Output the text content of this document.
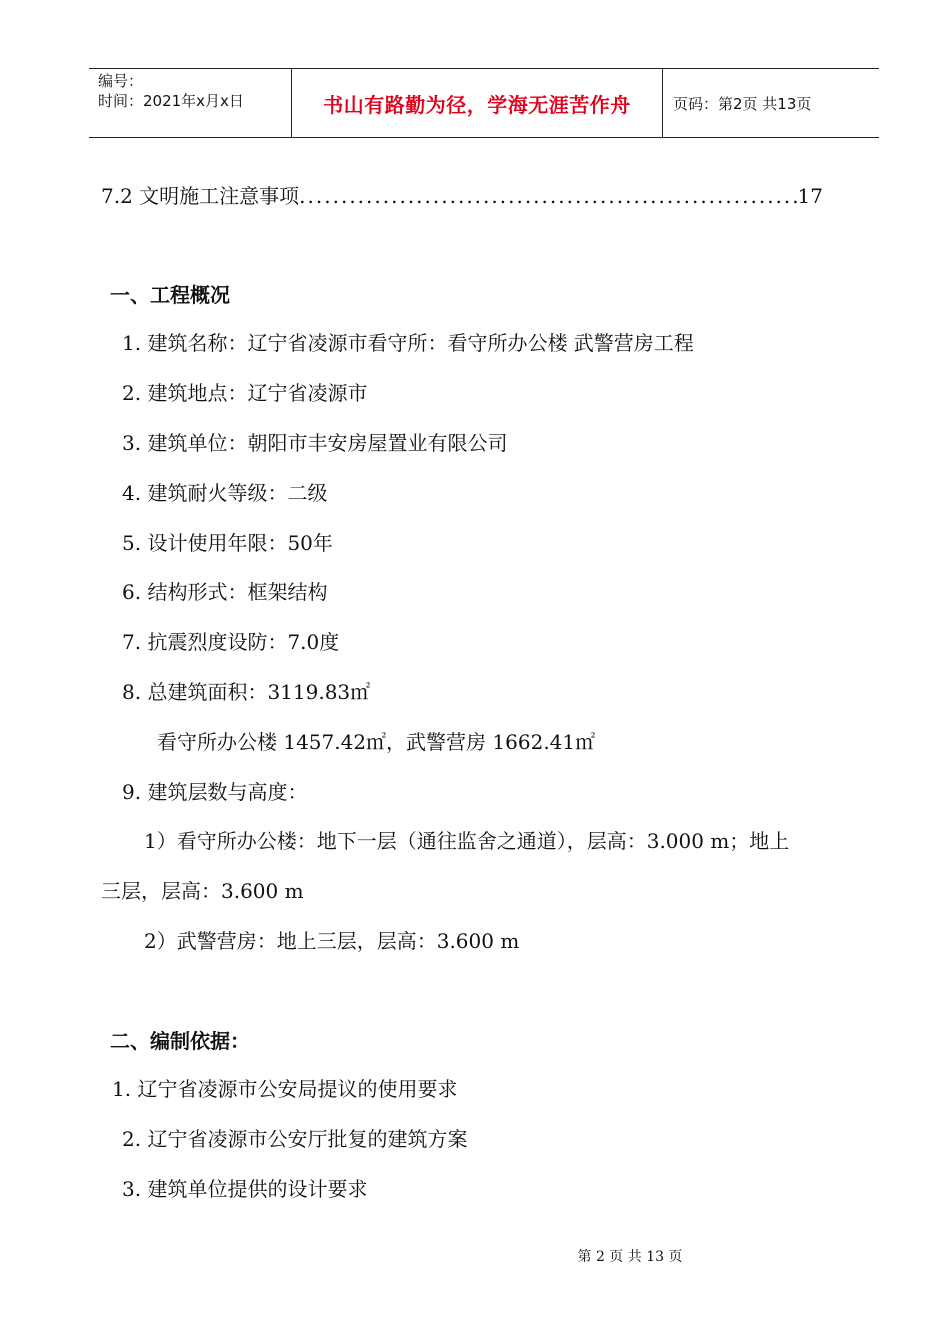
编号：
时间：2021年x月x日	书山有路勤为径，学海无涯苦作舟	页码：第2页 共13页
7.2 文明施工注意事项
.....	17
一、工程概况
1. 建筑名称：辽宁省凌源市看守所：看守所办公楼 武警营房工程
2. 建筑地点：辽宁省凌源市
3. 建筑单位：朝阳市丰安房屋置业有限公司
4. 建筑耐火等级：二级
5. 设计使用年限：50年
6. 结构形式：框架结构
7. 抗震烈度设防：7.0度
8. 总建筑面积：3119.83㎡
看守所办公楼 1457.42㎡，武警营房 1662.41㎡
9. 建筑层数与高度：
1）看守所办公楼：地下一层（通往监舍之通道），层高：3.000 m；地上
三层，层高：3.600 m
2）武警营房：地上三层，层高：3.600 m
二、编制依据：
1. 辽宁省凌源市公安局提议的使用要求
2. 辽宁省凌源市公安厅批复的建筑方案
3. 建筑单位提供的设计要求
第 2 页 共 13 页
